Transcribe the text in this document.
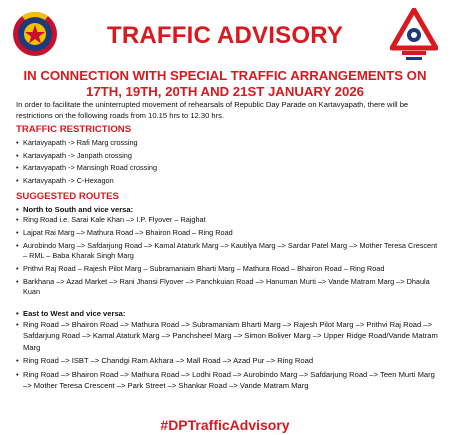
TRAFFIC ADVISORY
IN CONNECTION WITH SPECIAL TRAFFIC ARRANGEMENTS ON 17TH, 19TH, 20TH AND 21ST JANUARY 2026

In order to facilitate the uninterrupted movement of rehearsals of Republic Day Parade on Kartavyapath, there will be restrictions on the following roads from 10.15 hrs to 12.30 hrs.

TRAFFIC RESTRICTIONS
• Kartavyapath -> Rafi Marg crossing
• Kartavyapath -> Janpath crossing
• Kartavyapath -> Mansingh Road crossing
• Kartavyapath -> C-Hexagon
SUGGESTED ROUTES
• North to South and vice versa:
• Ring Road i.e. Sarai Kale Khan –> I.P. Flyover – Rajghat
• Lajpat Rai Marg –> Mathura Road –> Bhairon Road – Ring Road
• Aurobindo Marg –> Safdarjung Road –> Kamal Ataturk Marg –> Kautilya Marg –> Sardar Patel Marg –> Mother Teresa Crescent – RML – Baba Kharak Singh Marg
• Prithvi Raj Road – Rajesh Pilot Marg – Subramaniam Bharti Marg – Mathura Road – Bhairon Road – Ring Road
• Barkhana –> Azad Market –> Rani Jhansi Flyover –> Panchkuian Road –> Hanuman Murti –> Vande Matram Marg –> Dhaula Kuan
• East to West and vice versa:
• Ring Road –> Bhairon Road –> Mathura Road –> Subramaniam Bharti Marg –> Rajesh Pilot Marg –> Prithvi Raj Road –> Safdarjung Road –> Kamal Ataturk Marg –> Panchsheel Marg –> Simon Boliver Marg –> Upper Ridge Road/Vande Matram Marg
• Ring Road –> ISBT –> Chandgi Ram Akhara –> Mall Road –> Azad Pur –> Ring Road
• Ring Road –> Bhairon Road –> Mathura Road –> Lodhi Road –> Aurobindo Marg –> Safdarjung Road –> Teen Murti Marg –> Mother Teresa Crescent –> Park Street –> Shankar Road –> Vande Matram Marg
#DPTrafficAdvisory
